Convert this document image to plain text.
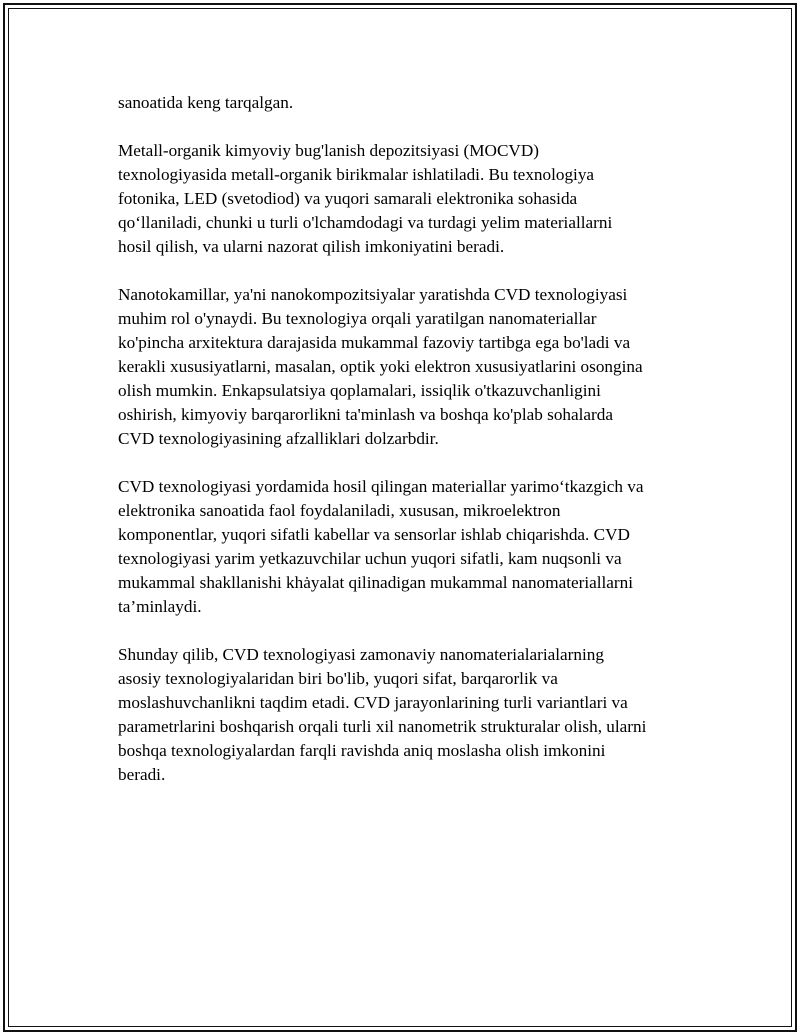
sanoatida keng tarqalgan.

Metall-organik kimyoviy bug'lanish depozitsiyasi (MOCVD)
texnologiyasida metall-organik birikmalar ishlatiladi. Bu texnologiya
fotonika, LED (svetodiod) va yuqori samarali elektronika sohasida
qo‘llaniladi, chunki u turli o'lchamdodagi va turdagi yelim materiallarni
hosil qilish, va ularni nazorat qilish imkoniyatini beradi.

Nanotokamillar, ya'ni nanokompozitsiyalar yaratishda CVD texnologiyasi
muhim rol o'ynaydi. Bu texnologiya orqali yaratilgan nanomateriallar
ko'pincha arxitektura darajasida mukammal fazoviy tartibga ega bo'ladi va
kerakli xususiyatlarni, masalan, optik yoki elektron xususiyatlarini osongina
olish mumkin. Enkapsulatsiya qoplamalari, issiqlik o'tkazuvchanligini
oshirish, kimyoviy barqarorlikni ta'minlash va boshqa ko'plab sohalarda
CVD texnologiyasining afzalliklari dolzarbdir.

CVD texnologiyasi yordamida hosil qilingan materiallar yarimo‘tkazgich va
elektronika sanoatida faol foydalaniladi, xususan, mikroelektron
komponentlar, yuqori sifatli kabellar va sensorlar ishlab chiqarishda. CVD
texnologiyasi yarim yetkazuvchilar uchun yuqori sifatli, kam nuqsonli va
mukammal shakllanishi khȧyalat qilinadigan mukammal nanomateriallarni
ta’minlaydi.

Shunday qilib, CVD texnologiyasi zamonaviy nanomaterialarialarning
asosiy texnologiyalaridan biri bo'lib, yuqori sifat, barqarorlik va
moslashuvchanlikni taqdim etadi. CVD jarayonlarining turli variantlari va
parametrlarini boshqarish orqali turli xil nanometrik strukturalar olish, ularni
boshqa texnologiyalardan farqli ravishda aniq moslasha olish imkonini
beradi.
